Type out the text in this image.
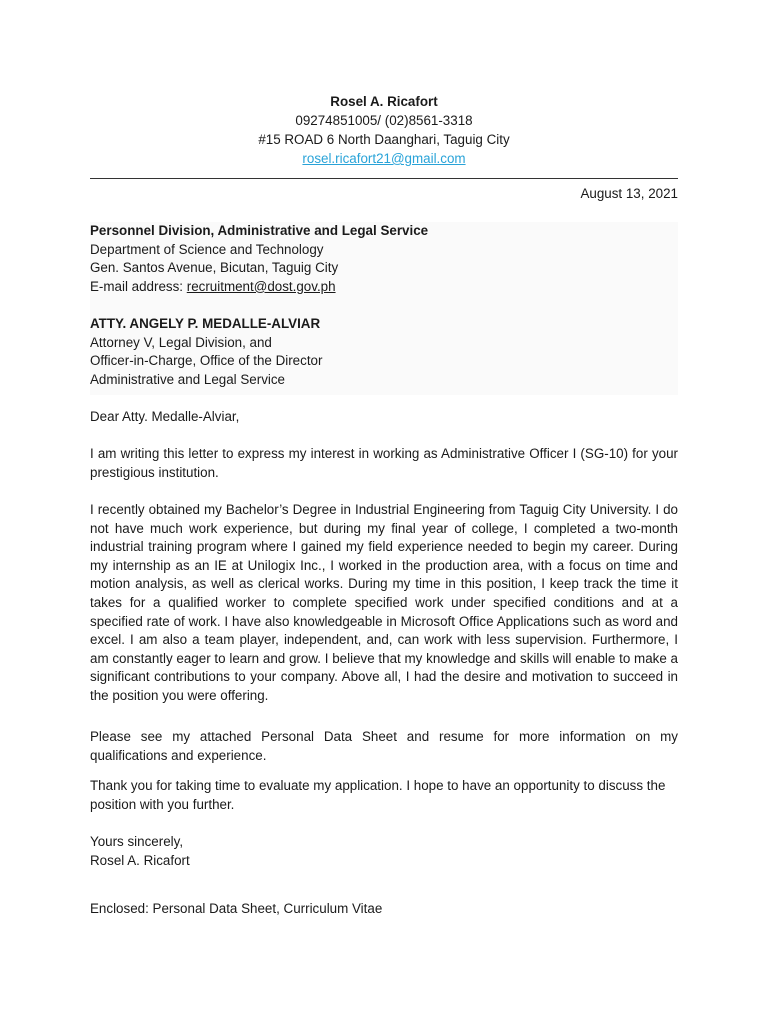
Rosel A. Ricafort
09274851005/ (02)8561-3318
#15 ROAD 6 North Daanghari, Taguig City
rosel.ricafort21@gmail.com
August 13, 2021
Personnel Division, Administrative and Legal Service
Department of Science and Technology
Gen. Santos Avenue, Bicutan, Taguig City
E-mail address: recruitment@dost.gov.ph
ATTY. ANGELY P. MEDALLE-ALVIAR
Attorney V, Legal Division, and
Officer-in-Charge, Office of the Director
Administrative and Legal Service
Dear Atty. Medalle-Alviar,
I am writing this letter to express my interest in working as Administrative Officer I (SG-10) for your prestigious institution.
I recently obtained my Bachelor’s Degree in Industrial Engineering from Taguig City University. I do not have much work experience, but during my final year of college, I completed a two-month industrial training program where I gained my field experience needed to begin my career. During my internship as an IE at Unilogix Inc., I worked in the production area, with a focus on time and motion analysis, as well as clerical works. During my time in this position, I keep track the time it takes for a qualified worker to complete specified work under specified conditions and at a specified rate of work. I have also knowledgeable in Microsoft Office Applications such as word and excel. I am also a team player, independent, and, can work with less supervision. Furthermore, I am constantly eager to learn and grow. I believe that my knowledge and skills will enable to make a significant contributions to your company. Above all, I had the desire and motivation to succeed in the position you were offering.
Please see my attached Personal Data Sheet and resume for more information on my qualifications and experience.
Thank you for taking time to evaluate my application. I hope to have an opportunity to discuss the position with you further.
Yours sincerely,
Rosel A. Ricafort
Enclosed: Personal Data Sheet, Curriculum Vitae
